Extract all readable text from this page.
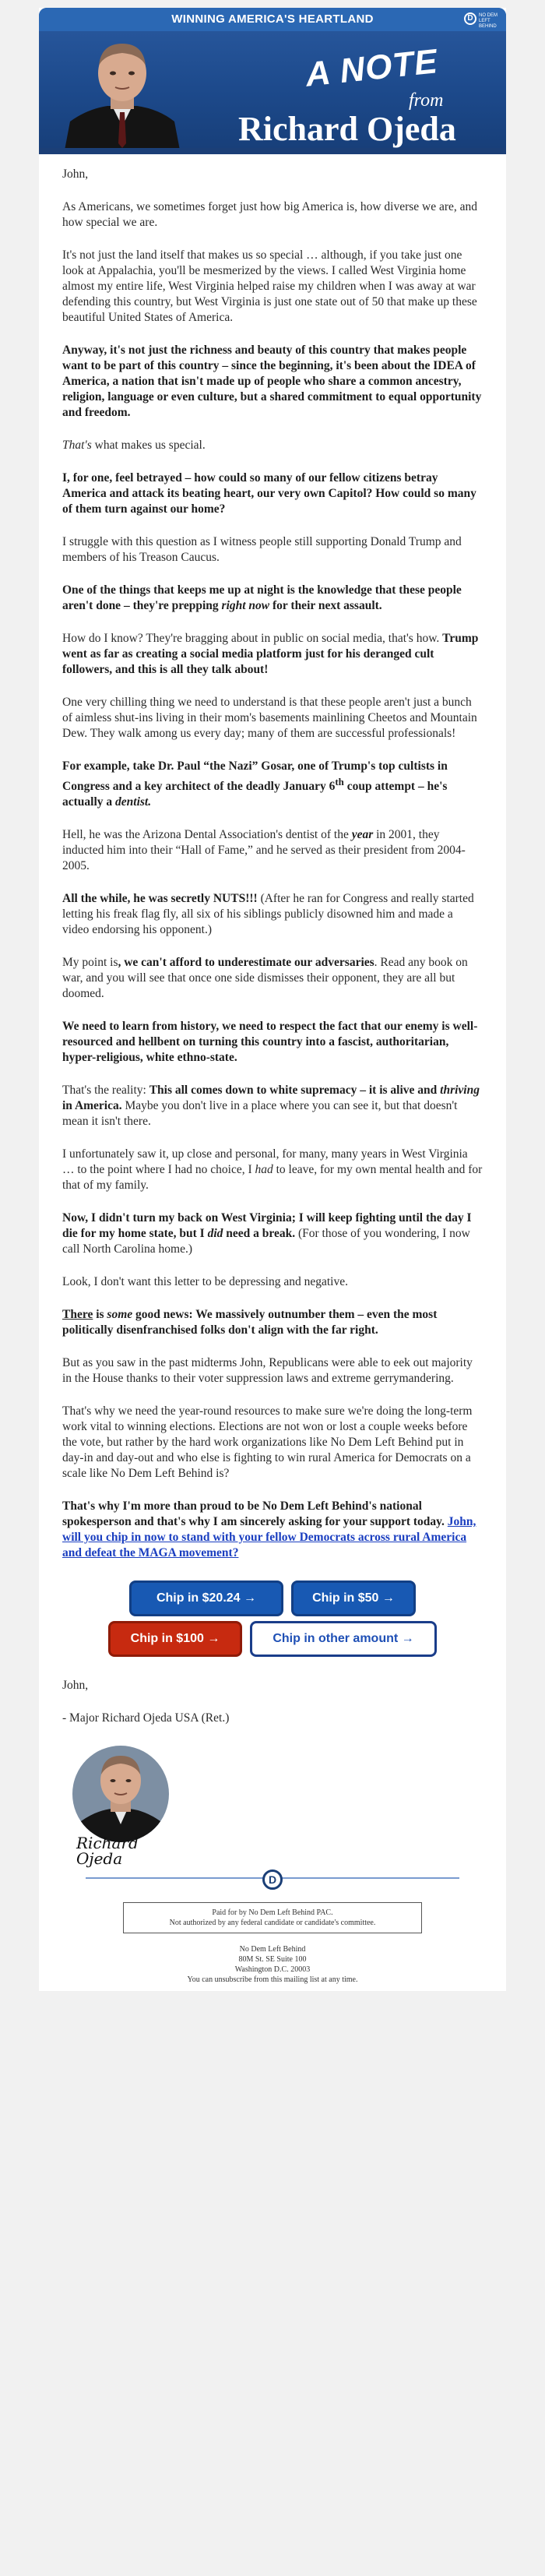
WINNING AMERICA'S HEARTLAND	D	NO DEM LEFT BEHIND
A NOTE
from
Richard Ojeda

John,

As Americans, we sometimes forget just how big America is, how diverse we are, and how special we are.

It's not just the land itself that makes us so special … although, if you take just one look at Appalachia, you'll be mesmerized by the views. I called West Virginia home almost my entire life, West Virginia helped raise my children when I was away at war defending this country, but West Virginia is just one state out of 50 that make up these beautiful United States of America.

Anyway, it's not just the richness and beauty of this country that makes people want to be part of this country – since the beginning, it's been about the IDEA of America, a nation that isn't made up of people who share a common ancestry, religion, language or even culture, but a shared commitment to equal opportunity and freedom.

That's what makes us special.

I, for one, feel betrayed – how could so many of our fellow citizens betray America and attack its beating heart, our very own Capitol? How could so many of them turn against our home?

I struggle with this question as I witness people still supporting Donald Trump and members of his Treason Caucus.

One of the things that keeps me up at night is the knowledge that these people aren't done – they're prepping right now for their next assault.

How do I know? They're bragging about in public on social media, that's how. Trump went as far as creating a social media platform just for his deranged cult followers, and this is all they talk about!

One very chilling thing we need to understand is that these people aren't just a bunch of aimless shut-ins living in their mom's basements mainlining Cheetos and Mountain Dew. They walk among us every day; many of them are successful professionals!

For example, take Dr. Paul “the Nazi” Gosar, one of Trump's top cultists in Congress and a key architect of the deadly January 6th coup attempt – he's actually a dentist.

Hell, he was the Arizona Dental Association's dentist of the year in 2001, they inducted him into their “Hall of Fame,” and he served as their president from 2004-2005.

All the while, he was secretly NUTS!!! (After he ran for Congress and really started letting his freak flag fly, all six of his siblings publicly disowned him and made a video endorsing his opponent.)

My point is, we can't afford to underestimate our adversaries. Read any book on war, and you will see that once one side dismisses their opponent, they are all but doomed.

We need to learn from history, we need to respect the fact that our enemy is well-resourced and hellbent on turning this country into a fascist, authoritarian, hyper-religious, white ethno-state.

That's the reality: This all comes down to white supremacy – it is alive and thriving in America. Maybe you don't live in a place where you can see it, but that doesn't mean it isn't there.

I unfortunately saw it, up close and personal, for many, many years in West Virginia … to the point where I had no choice, I had to leave, for my own mental health and for that of my family.

Now, I didn't turn my back on West Virginia; I will keep fighting until the day I die for my home state, but I did need a break. (For those of you wondering, I now call North Carolina home.)

Look, I don't want this letter to be depressing and negative.

There is some good news: We massively outnumber them – even the most politically disenfranchised folks don't align with the far right.

But as you saw in the past midterms John, Republicans were able to eek out majority in the House thanks to their voter suppression laws and extreme gerrymandering.

That's why we need the year-round resources to make sure we're doing the long-term work vital to winning elections. Elections are not won or lost a couple weeks before the vote, but rather by the hard work organizations like No Dem Left Behind put in day-in and day-out and who else is fighting to win rural America for Democrats on a scale like No Dem Left Behind is?

That's why I'm more than proud to be No Dem Left Behind's national spokesperson and that's why I am sincerely asking for your support today. John, will you chip in now to stand with your fellow Democrats across rural America and defeat the MAGA movement?

Chip in $20.24 →	Chip in $50 →
Chip in $100 →	Chip in other amount →

John,

- Major Richard Ojeda USA (Ret.)

Richard Ojeda
D
Paid for by No Dem Left Behind PAC.
Not authorized by any federal candidate or candidate's committee.
No Dem Left Behind
80M St. SE Suite 100
Washington D.C. 20003
You can unsubscribe from this mailing list at any time.
